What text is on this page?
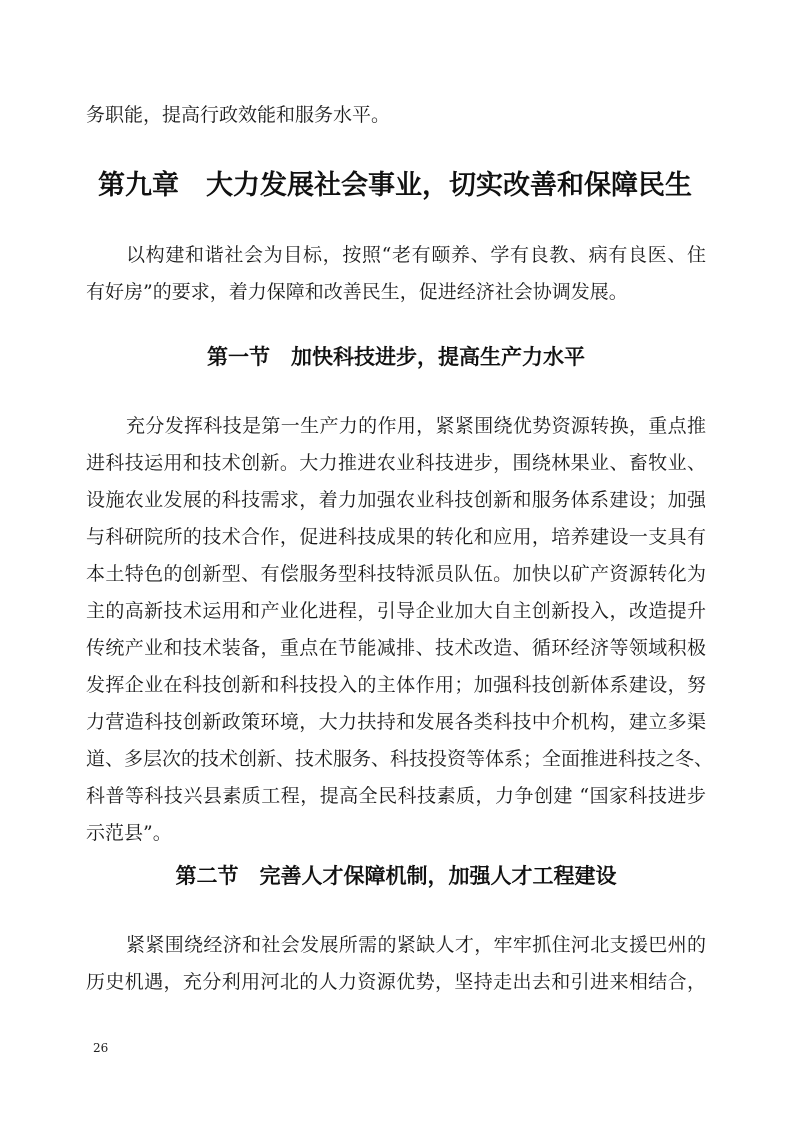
务职能，提高行政效能和服务水平。
第九章　大力发展社会事业，切实改善和保障民生
以构建和谐社会为目标，按照“老有颐养、学有良教、病有良医、住
有好房”的要求，着力保障和改善民生，促进经济社会协调发展。
第一节　加快科技进步，提高生产力水平
充分发挥科技是第一生产力的作用，紧紧围绕优势资源转换，重点推
进科技运用和技术创新。大力推进农业科技进步，围绕林果业、畜牧业、
设施农业发展的科技需求，着力加强农业科技创新和服务体系建设；加强
与科研院所的技术合作，促进科技成果的转化和应用，培养建设一支具有
本土特色的创新型、有偿服务型科技特派员队伍。加快以矿产资源转化为
主的高新技术运用和产业化进程，引导企业加大自主创新投入，改造提升
传统产业和技术装备，重点在节能减排、技术改造、循环经济等领域积极
发挥企业在科技创新和科技投入的主体作用；加强科技创新体系建设，努
力营造科技创新政策环境，大力扶持和发展各类科技中介机构，建立多渠
道、多层次的技术创新、技术服务、科技投资等体系；全面推进科技之冬、
科普等科技兴县素质工程，提高全民科技素质，力争创建 “国家科技进步
示范县”。
第二节　完善人才保障机制，加强人才工程建设
紧紧围绕经济和社会发展所需的紧缺人才，牢牢抓住河北支援巴州的
历史机遇，充分利用河北的人力资源优势，坚持走出去和引进来相结合，
26
